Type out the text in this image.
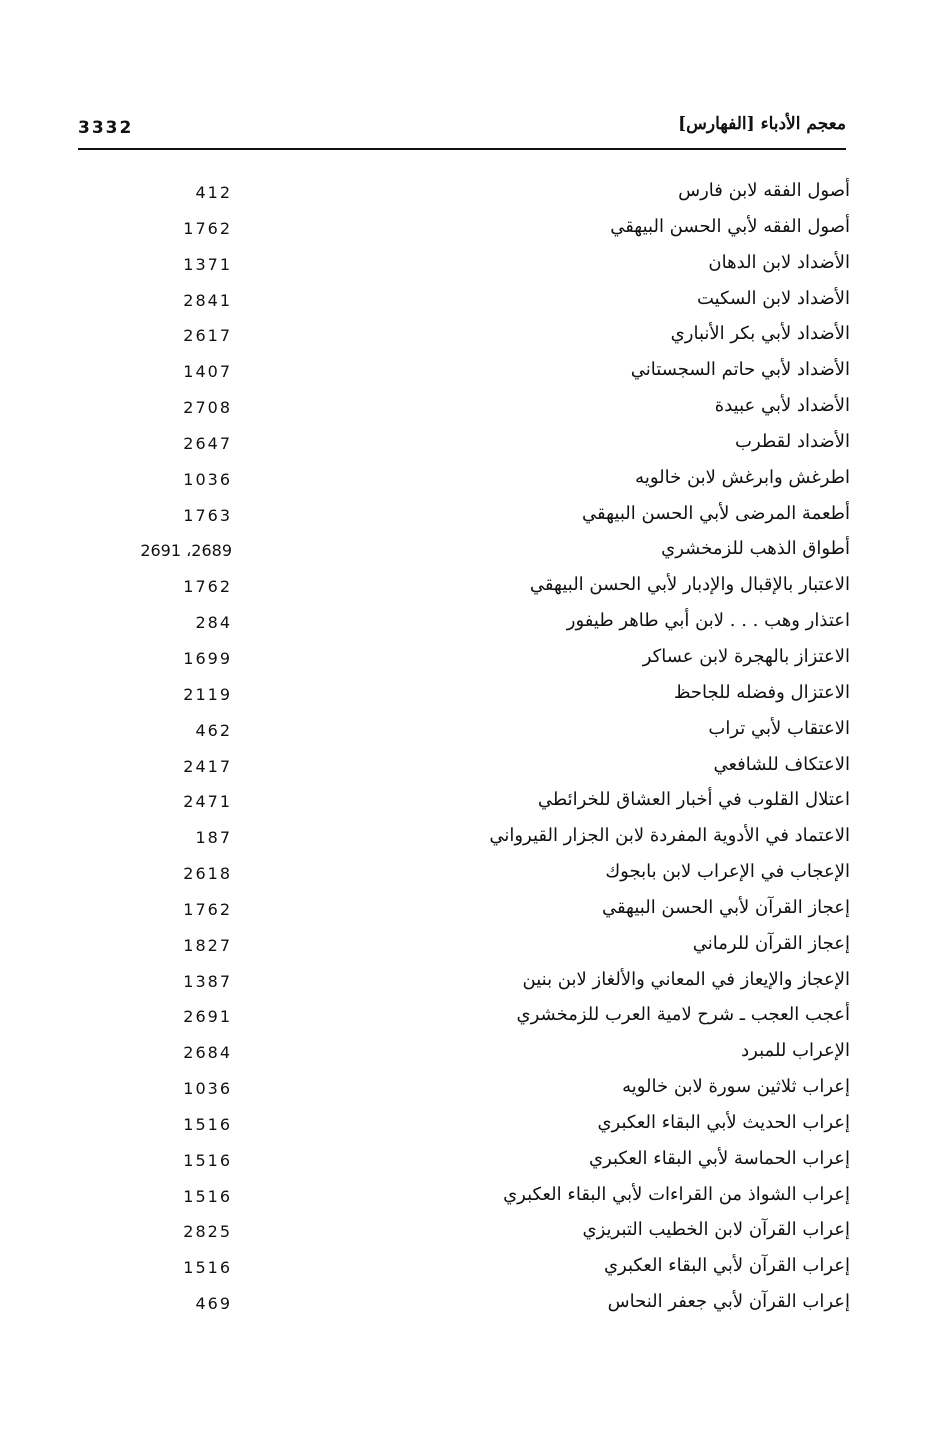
3332	معجم الأدباء [الفهارس]
أصول الفقه لابن فارس
412
أصول الفقه لأبي الحسن البيهقي
1762
الأضداد لابن الدهان
1371
الأضداد لابن السكيت
2841
الأضداد لأبي بكر الأنباري
2617
الأضداد لأبي حاتم السجستاني
1407
الأضداد لأبي عبيدة
2708
الأضداد لقطرب
2647
اطرغش وابرغش لابن خالويه
1036
أطعمة المرضى لأبي الحسن البيهقي
1763
أطواق الذهب للزمخشري
2691 ،2689
الاعتبار بالإقبال والإدبار لأبي الحسن البيهقي
1762
اعتذار وهب . . . لابن أبي طاهر طيفور
284
الاعتزاز بالهجرة لابن عساكر
1699
الاعتزال وفضله للجاحظ
2119
الاعتقاب لأبي تراب
462
الاعتكاف للشافعي
2417
اعتلال القلوب في أخبار العشاق للخرائطي
2471
الاعتماد في الأدوية المفردة لابن الجزار القيرواني
187
الإعجاب في الإعراب لابن بابجوك
2618
إعجاز القرآن لأبي الحسن البيهقي
1762
إعجاز القرآن للرماني
1827
الإعجاز والإيعاز في المعاني والألغاز لابن بنين
1387
أعجب العجب ـ شرح لامية العرب للزمخشري
2691
الإعراب للمبرد
2684
إعراب ثلاثين سورة لابن خالويه
1036
إعراب الحديث لأبي البقاء العكبري
1516
إعراب الحماسة لأبي البقاء العكبري
1516
إعراب الشواذ من القراءات لأبي البقاء العكبري
1516
إعراب القرآن لابن الخطيب التبريزي
2825
إعراب القرآن لأبي البقاء العكبري
1516
إعراب القرآن لأبي جعفر النحاس
469
